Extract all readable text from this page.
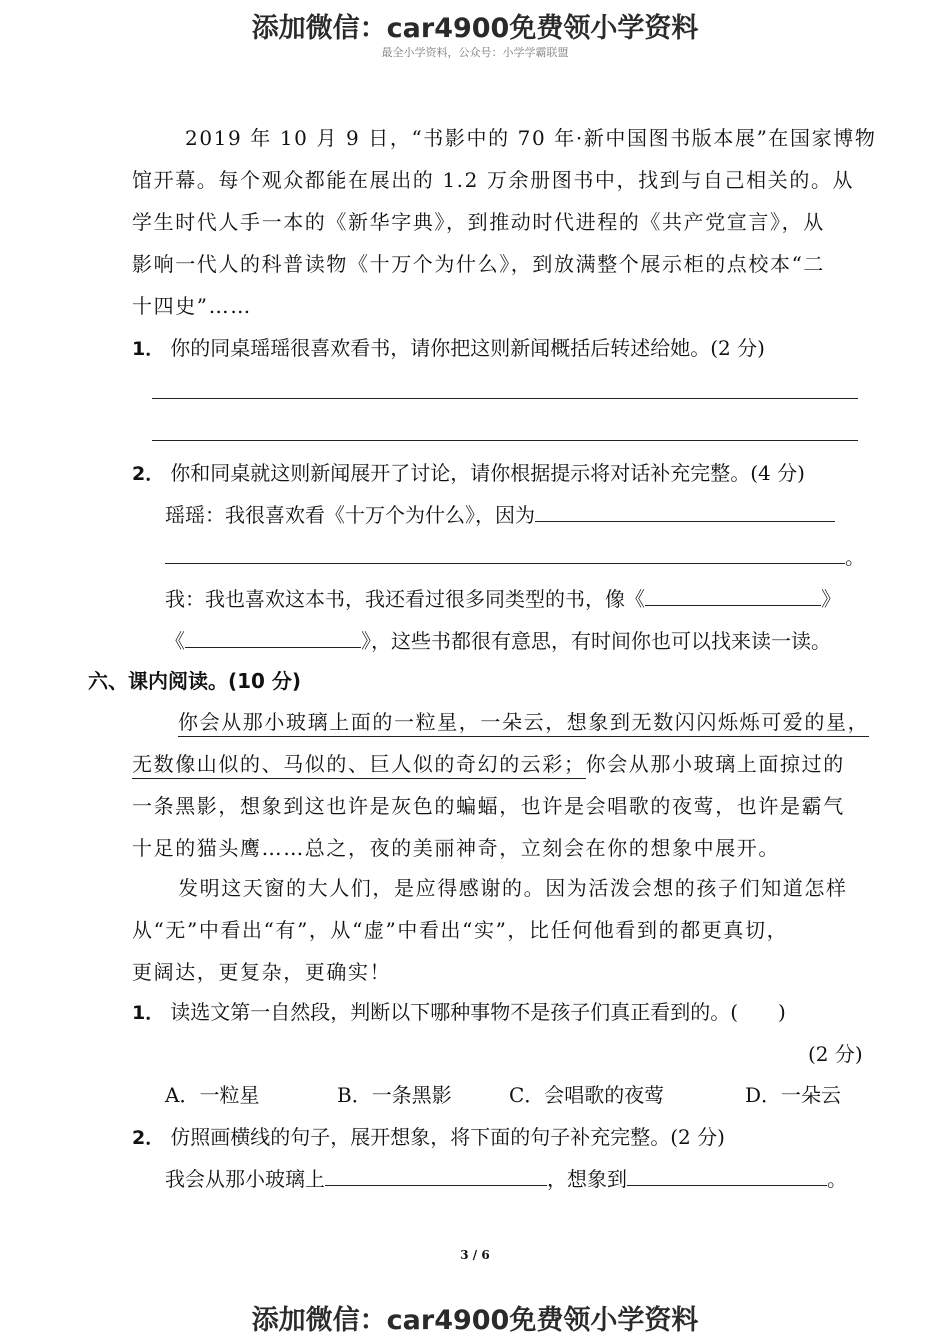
添加微信：car4900免费领小学资料
最全小学资料，公众号：小学学霸联盟
2019 年 10 月 9 日，“书影中的 70 年·新中国图书版本展”在国家博物
馆开幕。每个观众都能在展出的 1.2 万余册图书中，找到与自己相关的。从
学生时代人手一本的《新华字典》，到推动时代进程的《共产党宣言》，从
影响一代人的科普读物《十万个为什么》，到放满整个展示柜的点校本“二
十四史”……
1． 你的同桌瑶瑶很喜欢看书，请你把这则新闻概括后转述给她。(2 分)
2． 你和同桌就这则新闻展开了讨论，请你根据提示将对话补充完整。(4 分)
瑶瑶：我很喜欢看《十万个为什么》，因为
。
我：我也喜欢这本书，我还看过很多同类型的书，像《	》
《	》，这些书都很有意思，有时间你也可以找来读一读。
六、课内阅读。(10 分)
你会从那小玻璃上面的一粒星，一朵云，想象到无数闪闪烁烁可爱的星，
无数像山似的、马似的、巨人似的奇幻的云彩；你会从那小玻璃上面掠过的
一条黑影，想象到这也许是灰色的蝙蝠，也许是会唱歌的夜莺，也许是霸气
十足的猫头鹰……总之，夜的美丽神奇，立刻会在你的想象中展开。
发明这天窗的大人们，是应得感谢的。因为活泼会想的孩子们知道怎样
从“无”中看出“有”，从“虚”中看出“实”，比任何他看到的都更真切，
更阔达，更复杂，更确实！
1． 读选文第一自然段，判断以下哪种事物不是孩子们真正看到的。(　　)
(2 分)
A．一粒星	B．一条黑影	C．会唱歌的夜莺	D．一朵云
2． 仿照画横线的句子，展开想象，将下面的句子补充完整。(2 分)
我会从那小玻璃上	，想象到	。
3 / 6
添加微信：car4900免费领小学资料
